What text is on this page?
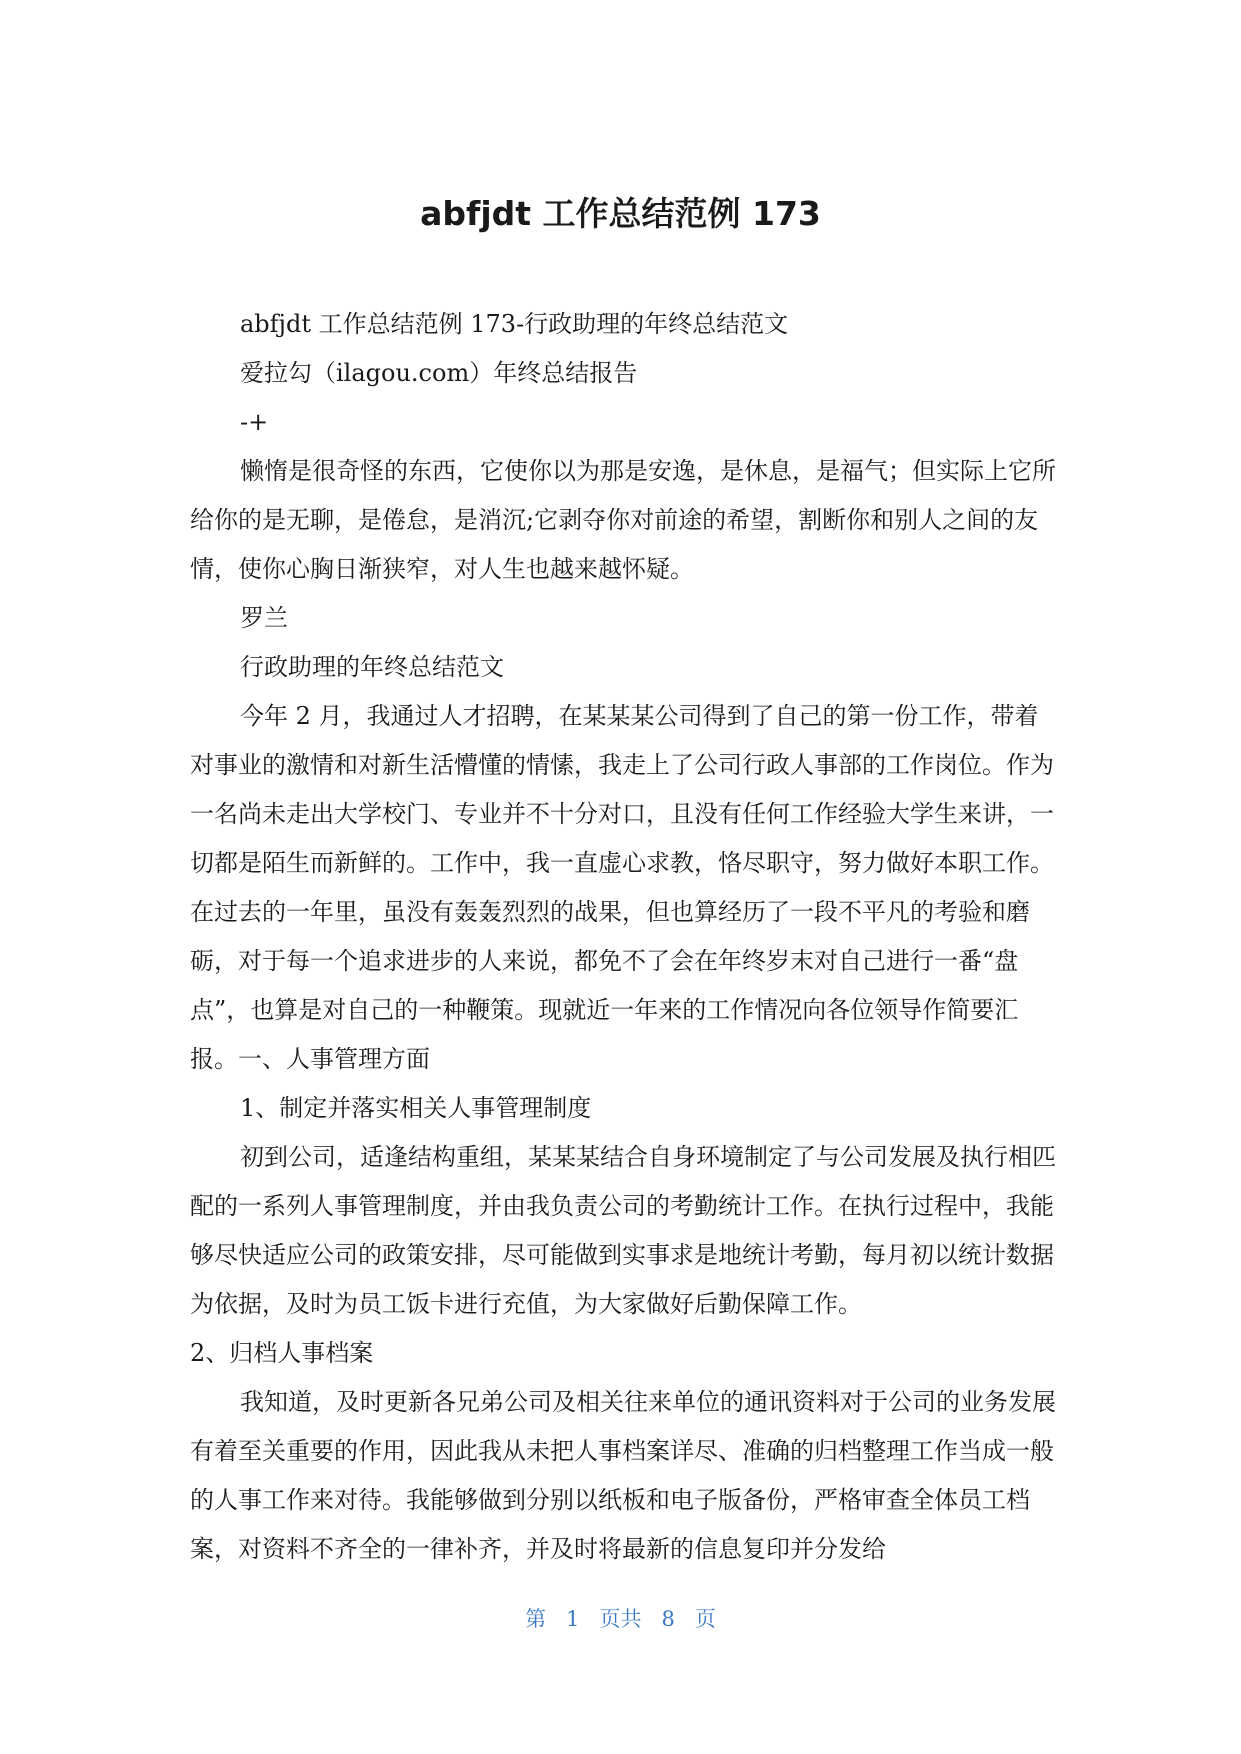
abfjdt 工作总结范例 173

abfjdt 工作总结范例 173-行政助理的年终总结范文

爱拉勾（ilagou.com）年终总结报告

-+

懒惰是很奇怪的东西，它使你以为那是安逸，是休息，是福气；但实际上它所给你的是无聊，是倦怠，是消沉;它剥夺你对前途的希望，割断你和别人之间的友情，使你心胸日渐狭窄，对人生也越来越怀疑。

罗兰

行政助理的年终总结范文

今年 2 月，我通过人才招聘，在某某某公司得到了自己的第一份工作，带着对事业的激情和对新生活懵懂的情愫，我走上了公司行政人事部的工作岗位。作为一名尚未走出大学校门、专业并不十分对口，且没有任何工作经验大学生来讲，一切都是陌生而新鲜的。工作中，我一直虚心求教，恪尽职守，努力做好本职工作。在过去的一年里，虽没有轰轰烈烈的战果，但也算经历了一段不平凡的考验和磨砺，对于每一个追求进步的人来说，都免不了会在年终岁末对自己进行一番“盘点”，也算是对自己的一种鞭策。现就近一年来的工作情况向各位领导作简要汇报。一、人事管理方面

1、制定并落实相关人事管理制度

初到公司，适逢结构重组，某某某结合自身环境制定了与公司发展及执行相匹配的一系列人事管理制度，并由我负责公司的考勤统计工作。在执行过程中，我能够尽快适应公司的政策安排，尽可能做到实事求是地统计考勤，每月初以统计数据为依据，及时为员工饭卡进行充值，为大家做好后勤保障工作。

2、归档人事档案

我知道，及时更新各兄弟公司及相关往来单位的通讯资料对于公司的业务发展有着至关重要的作用，因此我从未把人事档案详尽、准确的归档整理工作当成一般的人事工作来对待。我能够做到分别以纸板和电子版备份，严格审查全体员工档案，对资料不齐全的一律补齐，并及时将最新的信息复印并分发给

第 1 页共 8 页
